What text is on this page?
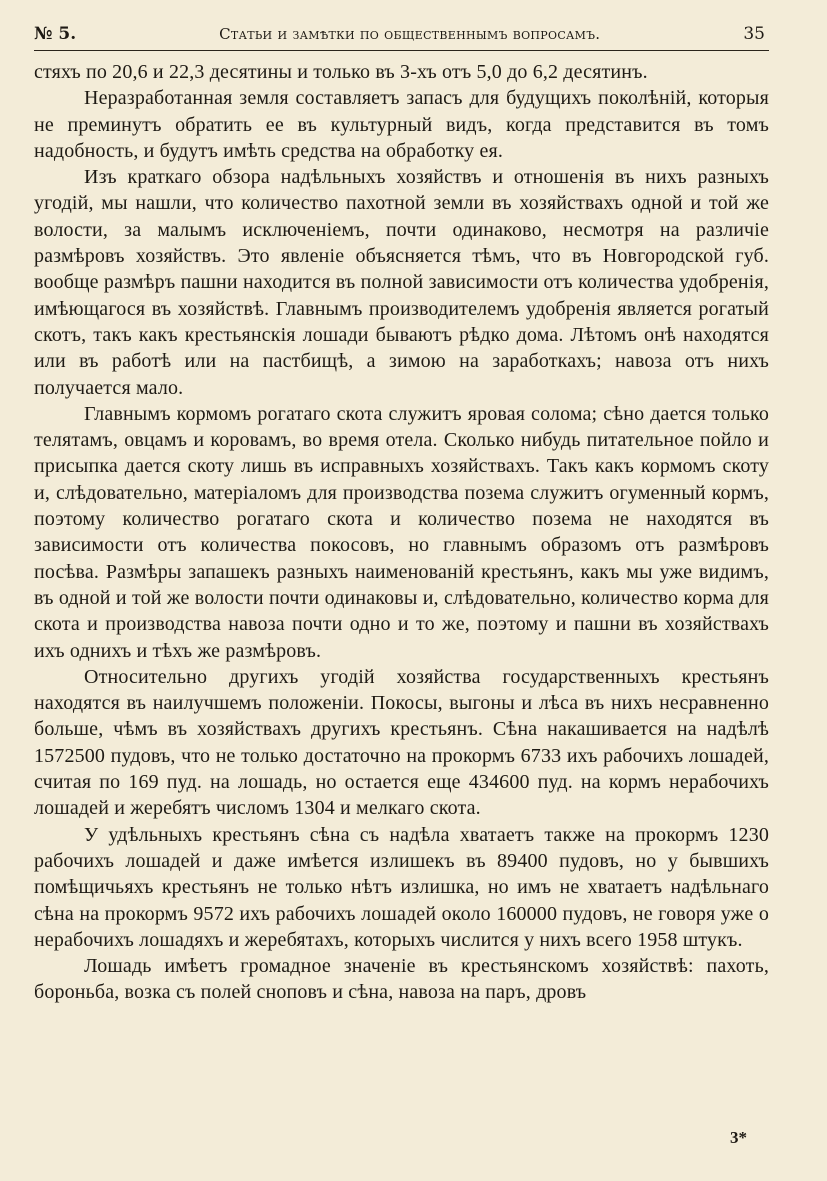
№ 5.	Статьи и замѣтки по общественнымъ вопросамъ.	35

стяхъ по 20,6 и 22,3 десятины и только въ 3-хъ отъ 5,0 до 6,2 десятинъ.

Неразработанная земля составляетъ запасъ для будущихъ поколѣній, которыя не преминутъ обратить ее въ культурный видъ, когда представится въ томъ надобность, и будутъ имѣть средства на обработку ея.

Изъ краткаго обзора надѣльныхъ хозяйствъ и отношенія въ нихъ разныхъ угодій, мы нашли, что количество пахотной земли въ хозяйствахъ одной и той же волости, за малымъ исключеніемъ, почти одинаково, несмотря на различіе размѣровъ хозяйствъ. Это явленіе объясняется тѣмъ, что въ Новгородской губ. вообще размѣръ пашни находится въ полной зависимости отъ количества удобренія, имѣющагося въ хозяйствѣ. Главнымъ производителемъ удобренія является рогатый скотъ, такъ какъ крестьянскія лошади бываютъ рѣдко дома. Лѣтомъ онѣ находятся или въ работѣ или на пастбищѣ, а зимою на заработкахъ; навоза отъ нихъ получается мало.

Главнымъ кормомъ рогатаго скота служитъ яровая солома; сѣно дается только телятамъ, овцамъ и коровамъ, во время отела. Сколько нибудь питательное пойло и присыпка дается скоту лишь въ исправныхъ хозяйствахъ. Такъ какъ кормомъ скоту и, слѣдовательно, матеріаломъ для производства позема служитъ огуменный кормъ, поэтому количество рогатаго скота и количество позема не находятся въ зависимости отъ количества покосовъ, но главнымъ образомъ отъ размѣровъ посѣва. Размѣры запашекъ разныхъ наименованій крестьянъ, какъ мы уже видимъ, въ одной и той же волости почти одинаковы и, слѣдовательно, количество корма для скота и производства навоза почти одно и то же, поэтому и пашни въ хозяйствахъ ихъ однихъ и тѣхъ же размѣровъ.

Относительно другихъ угодій хозяйства государственныхъ крестьянъ находятся въ наилучшемъ положеніи. Покосы, выгоны и лѣса въ нихъ несравненно больше, чѣмъ въ хозяйствахъ другихъ крестьянъ. Сѣна накашивается на надѣлѣ 1572500 пудовъ, что не только достаточно на прокормъ 6733 ихъ рабочихъ лошадей, считая по 169 пуд. на лошадь, но остается еще 434600 пуд. на кормъ нерабочихъ лошадей и жеребятъ числомъ 1304 и мелкаго скота.

У удѣльныхъ крестьянъ сѣна съ надѣла хватаетъ также на прокормъ 1230 рабочихъ лошадей и даже имѣется излишекъ въ 89400 пудовъ, но у бывшихъ помѣщичьяхъ крестьянъ не только нѣтъ излишка, но имъ не хватаетъ надѣльнаго сѣна на прокормъ 9572 ихъ рабочихъ лошадей около 160000 пудовъ, не говоря уже о нерабочихъ лошадяхъ и жеребятахъ, которыхъ числится у нихъ всего 1958 штукъ.

Лошадь имѣетъ громадное значеніе въ крестьянскомъ хозяйствѣ: пахоть, бороньба, возка съ полей сноповъ и сѣна, навоза на паръ, дровъ

3*
